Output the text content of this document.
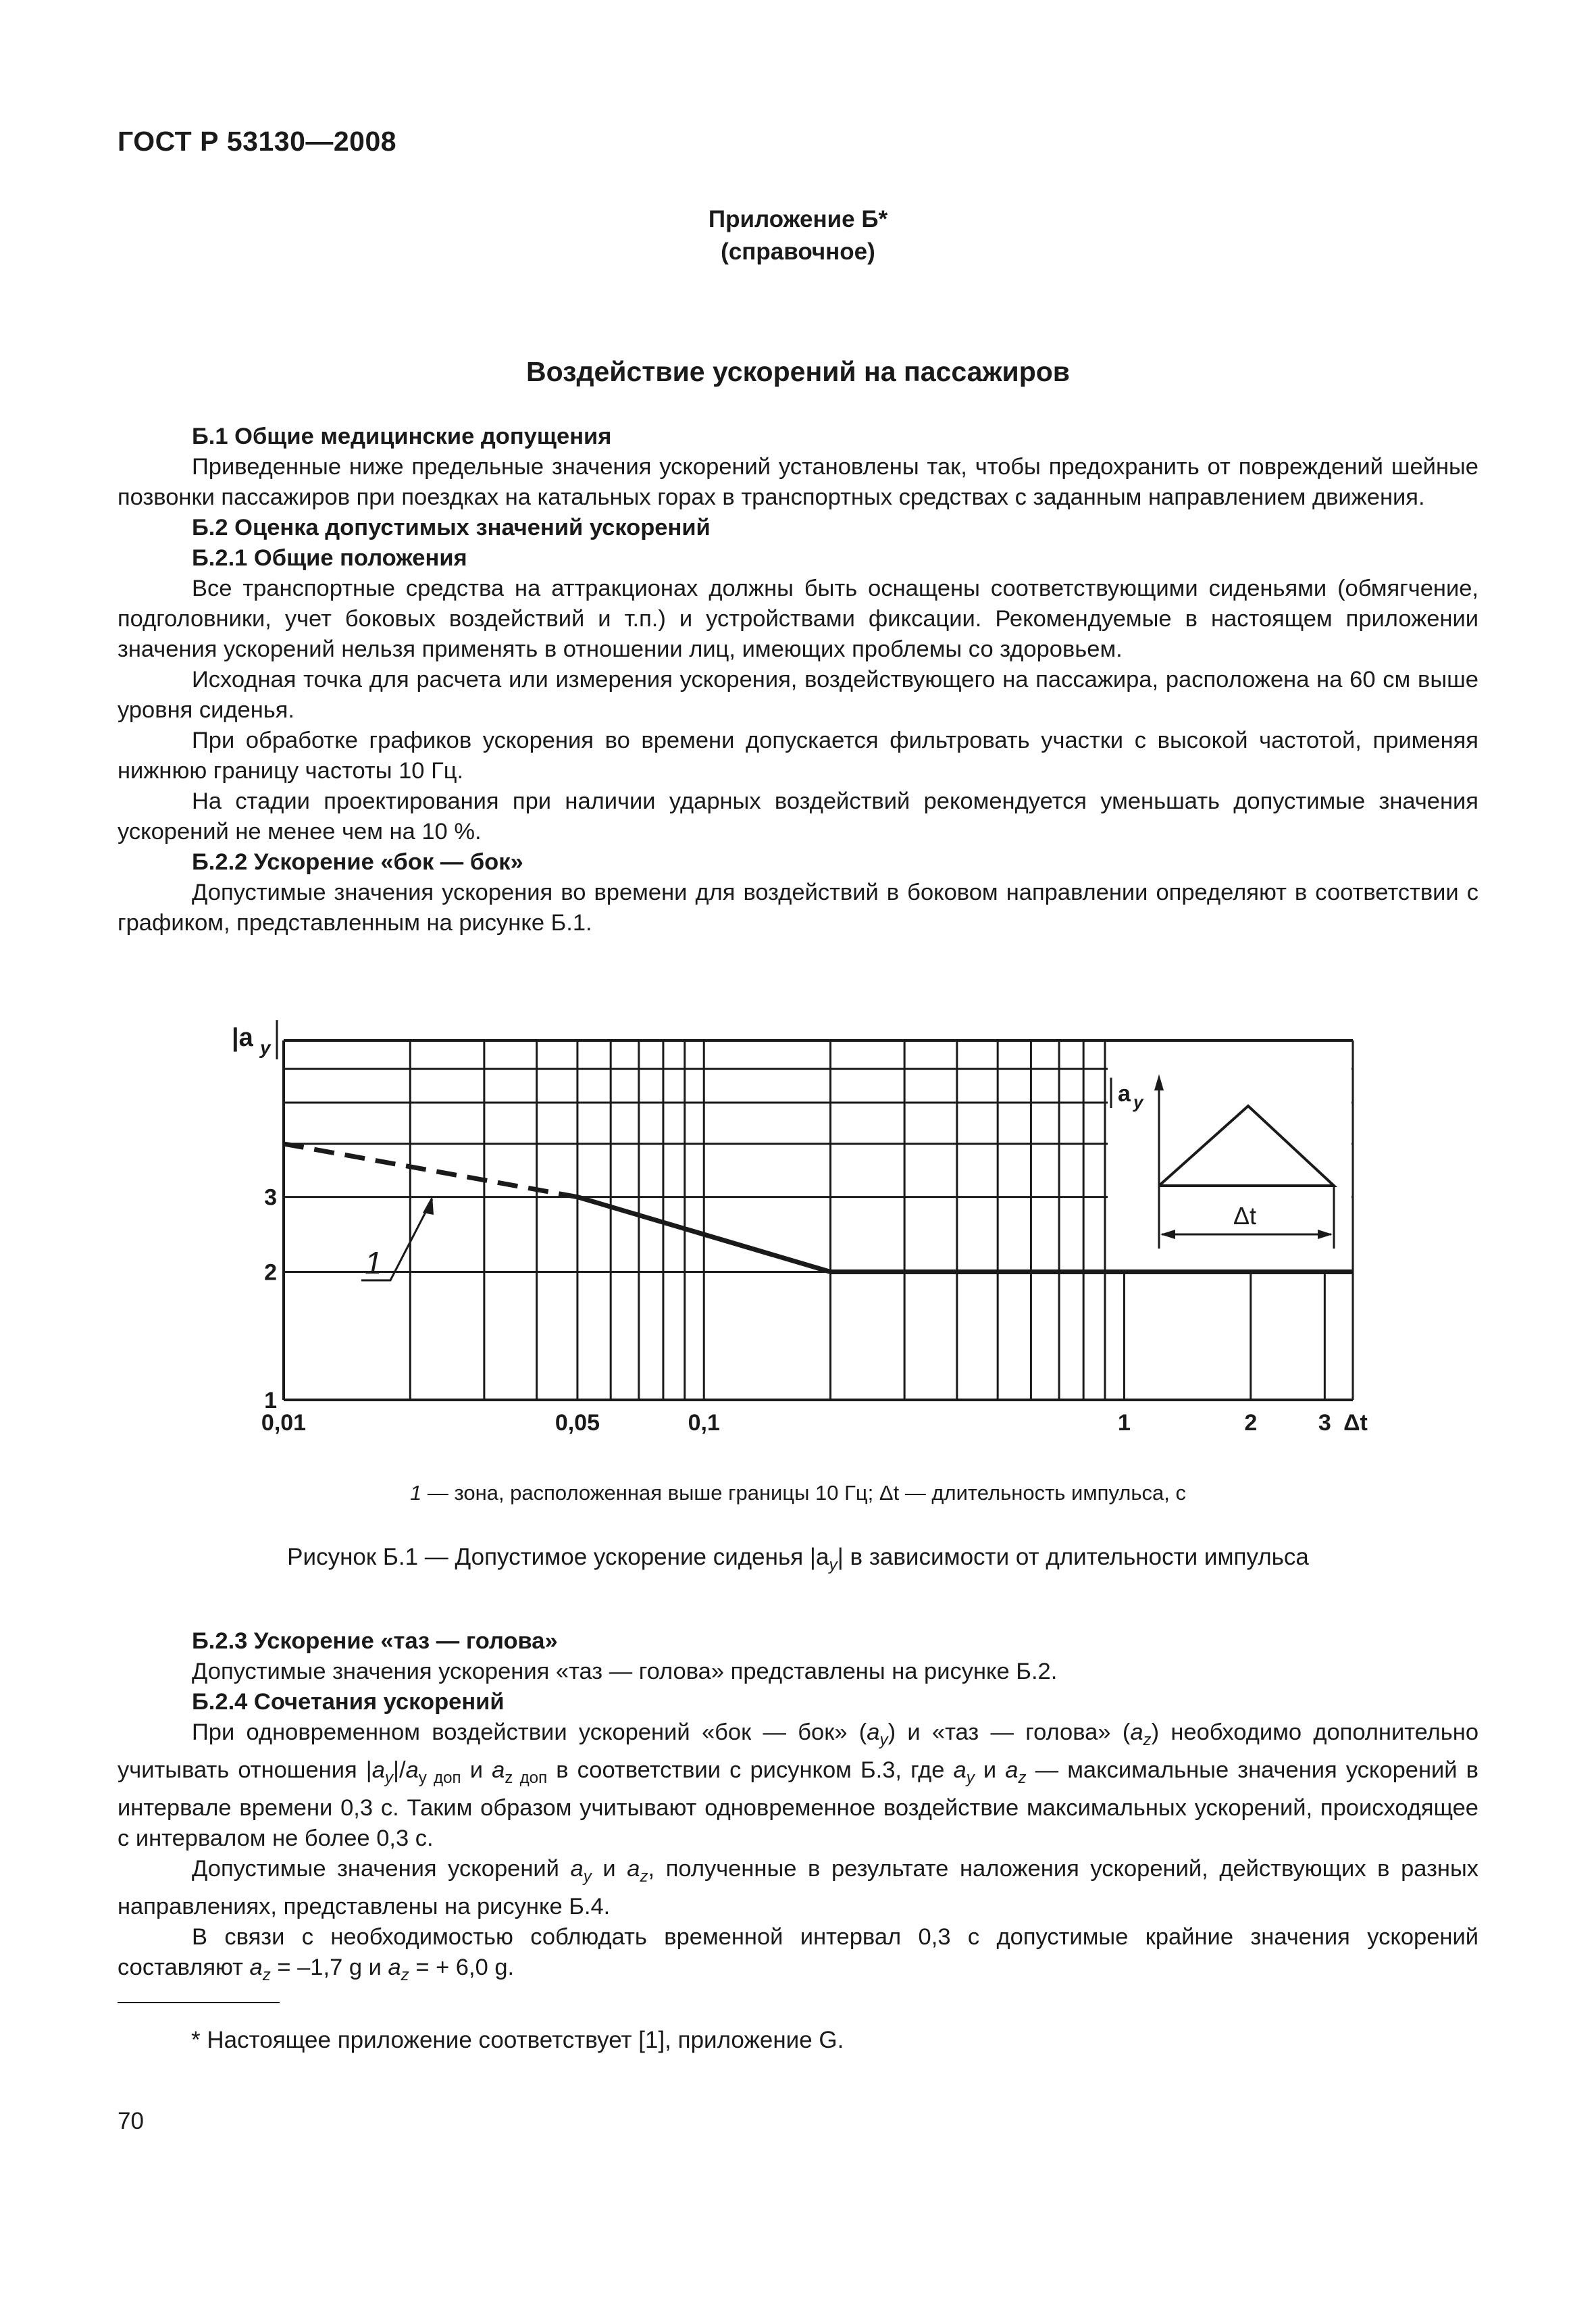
ГОСТ Р 53130—2008
Приложение Б*
(справочное)
Воздействие ускорений на пассажиров

Б.1 Общие медицинские допущения

Приведенные ниже предельные значения ускорений установлены так, чтобы предохранить от повреждений шейные позвонки пассажиров при поездках на катальных горах в транспортных средствах с заданным направлением движения.

Б.2 Оценка допустимых значений ускорений

Б.2.1 Общие положения

Все транспортные средства на аттракционах должны быть оснащены соответствующими сиденьями (обмягчение, подголовники, учет боковых воздействий и т.п.) и устройствами фиксации. Рекомендуемые в настоящем приложении значения ускорений нельзя применять в отношении лиц, имеющих проблемы со здоровьем.

Исходная точка для расчета или измерения ускорения, воздействующего на пассажира, расположена на 60 см выше уровня сиденья.

При обработке графиков ускорения во времени допускается фильтровать участки с высокой частотой, применяя нижнюю границу частоты 10 Гц.

На стадии проектирования при наличии ударных воздействий рекомендуется уменьшать допустимые значения ускорений не менее чем на 10 %.

Б.2.2 Ускорение «бок — бок»

Допустимые значения ускорения во времени для воздействий в боковом направлении определяют в соответствии с графиком, представленным на рисунке Б.1.

0,01	0,05	0,1	1	2	3 Δt
1
2
3
|a y
1
a y
Δt
1 — зона, расположенная выше границы 10 Гц; Δt — длительность импульса, с
Рисунок Б.1 — Допустимое ускорение сиденья $|a_y|$ в зависимости от длительности импульса

Б.2.3 Ускорение «таз — голова»

Допустимые значения ускорения «таз — голова» представлены на рисунке Б.2.

Б.2.4 Сочетания ускорений

При одновременном воздействии ускорений «бок — бок» $(a_y)$ и «таз — голова» $(a_z)$ необходимо дополнительно учитывать отношения $|a_y|/a_{y доп}$ и $a_{z доп}$ в соответствии с рисунком Б.3, где $a_y$ и $a_z$ — максимальные значения ускорений в интервале времени 0,3 с. Таким образом учитывают одновременное воздействие максимальных ускорений, происходящее с интервалом не более 0,3 с.

Допустимые значения ускорений $a_y$ и $a_z$, полученные в результате наложения ускорений, действующих в разных направлениях, представлены на рисунке Б.4.

В связи с необходимостью соблюдать временной интервал 0,3 с допустимые крайние значения ускорений составляют $a_z = -1,7$ g и $a_z$ = + 6,0 g.

* Настоящее приложение соответствует [1], приложение G.
70
